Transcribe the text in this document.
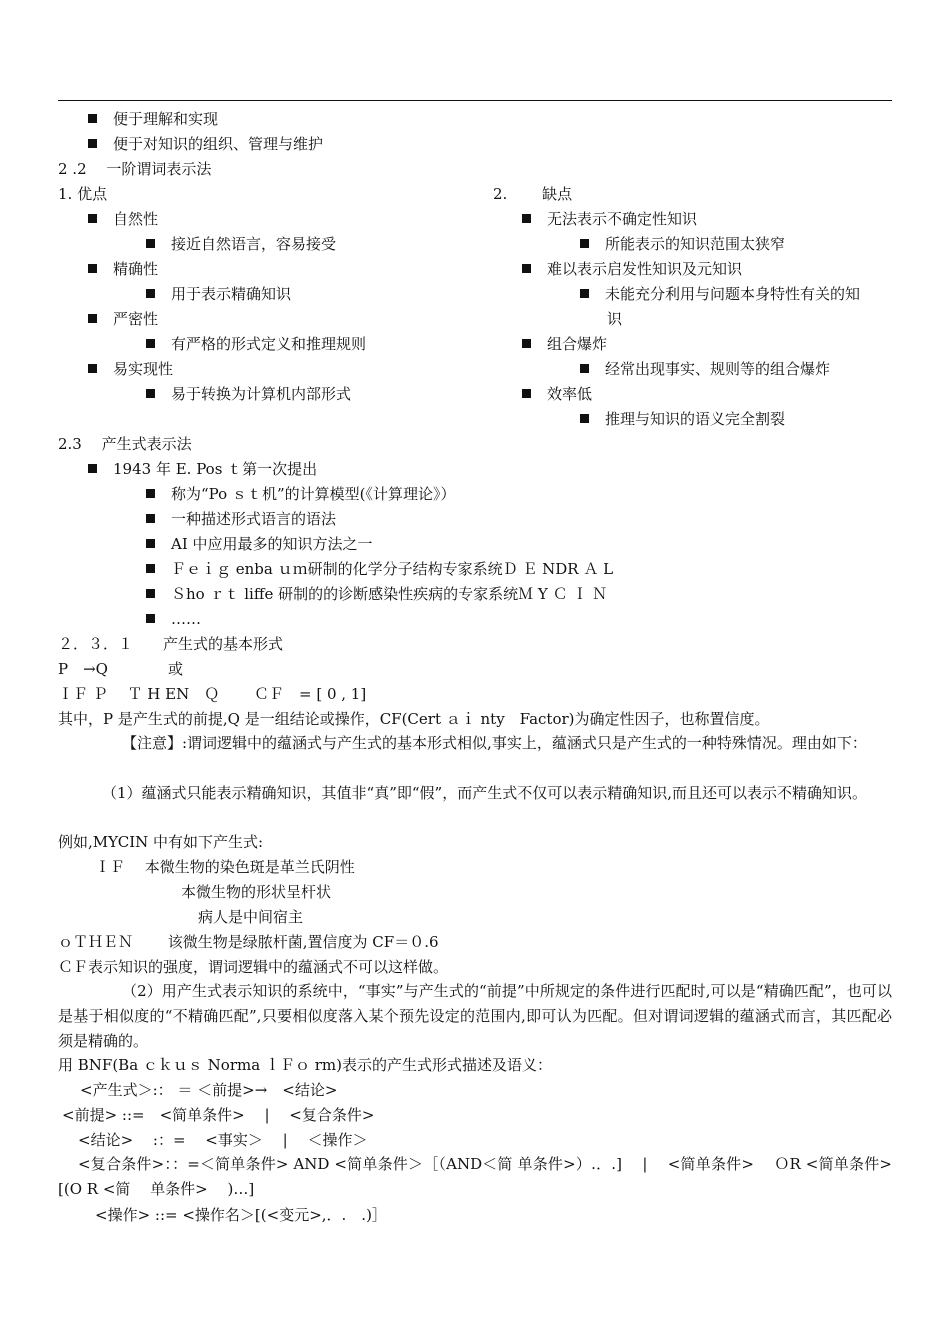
便于理解和实现
便于对知识的组织、管理与维护
2 .2 　一阶谓词表示法
1. 优点
自然性
接近自然语言，容易接受
精确性
用于表示精确知识
严密性
有严格的形式定义和推理规则
易实现性
易于转换为计算机内部形式
2.　　 缺点
无法表示不确定性知识
所能表示的知识范围太狭窄
难以表示启发性知识及元知识
未能充分利用与问题本身特性有关的知
识
组合爆炸
经常出现事实、规则等的组合爆炸
效率低
推理与知识的语义完全割裂
2.3　 产生式表示法
1943 年 E. Pos ｔ第一次提出
称为“Po ｓｔ机”的计算模型(《计算理论》）
一种描述形式语言的语法
AI 中应用最多的知识方法之一
Ｆｅｉｇ enba ｕｍ研制的化学分子结构专家系统Ｄ Ｅ NDR Ａ L
Ｓho ｒｔ liffe 研制的的诊断感染性疾病的专家系统Ｍ Y Ｃ Ｉ Ｎ
……
２．３．１　　产生式的基本形式
P　→Q　　　　或
ＩＦ Ｐ　 Ｔ H EN　Ｑ　　 ＣＦ　= [ 0 , 1]
其中，P 是产生式的前提,Q 是一组结论或操作，CF(Cert ａｉ nty　Factor)为确定性因子，也称置信度。
【注意】:谓词逻辑中的蕴涵式与产生式的基本形式相似,事实上，蕴涵式只是产生式的一种特殊情况。理由如下：
（1）蕴涵式只能表示精确知识，其值非“真”即“假”，而产生式不仅可以表示精确知识,而且还可以表示不精确知识。
例如,MYCIN 中有如下产生式:
ＩＦ　 本微生物的染色斑是革兰氏阴性
本微生物的形状呈杆状
病人是中间宿主
ｏＴＨＥＮ　　 该微生物是绿脓杆菌,置信度为 CF＝０.6
ＣＦ表示知识的强度，谓词逻辑中的蕴涵式不可以这样做。
（2）用产生式表示知识的系统中，“事实”与产生式的“前提”中所规定的条件进行匹配时,可以是“精确匹配”，也可以是基于相似度的“不精确匹配”,只要相似度落入某个预先设定的范围内,即可认为匹配。但对谓词逻辑的蕴涵式而言，其匹配必须是精确的。
用 BNF(Ba ｃｋｕｓ Norma ｌＦｏ rm)表示的产生式形式描述及语义：
<产生式＞:： ＝ ＜前提>→　<结论>
<前提> ::=　<简单条件>　 |　 <复合条件>
<结论>　 :：=　 <事实＞　 |　 ＜操作＞
<复合条件>：：=＜简单条件> AND <简单条件＞［（AND＜简 单条件>）.．.]　 |　 <简单条件>　 ＯR <简单条件> [(O R <简　 单条件>　 )…]
<操作> ::= <操作名＞[(<变元>,．.　.)］
